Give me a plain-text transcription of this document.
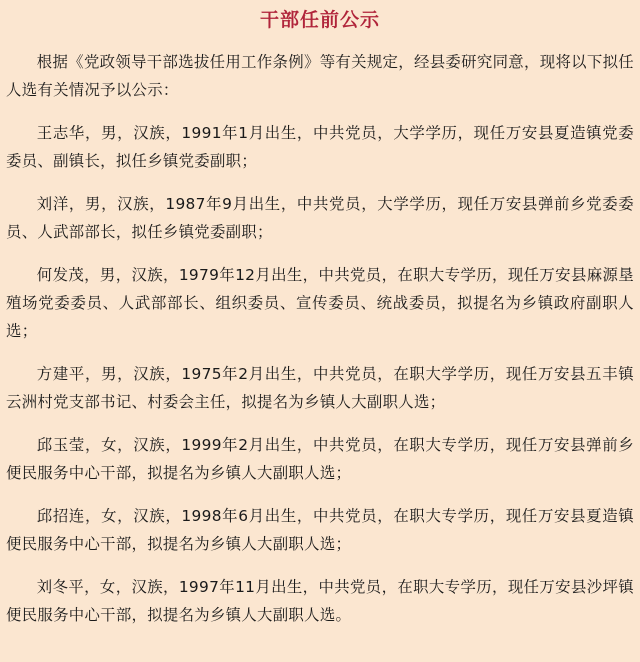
干部任前公示

根据《党政领导干部选拔任用工作条例》等有关规定，经县委研究同意，现将以下拟任人选有关情况予以公示：

王志华，男，汉族，1991年1月出生，中共党员，大学学历，现任万安县夏造镇党委委员、副镇长，拟任乡镇党委副职；

刘洋，男，汉族，1987年9月出生，中共党员，大学学历，现任万安县弹前乡党委委员、人武部部长，拟任乡镇党委副职；

何发茂，男，汉族，1979年12月出生，中共党员，在职大专学历，现任万安县麻源垦殖场党委委员、人武部部长、组织委员、宣传委员、统战委员，拟提名为乡镇政府副职人选；

方建平，男，汉族，1975年2月出生，中共党员，在职大学学历，现任万安县五丰镇云洲村党支部书记、村委会主任，拟提名为乡镇人大副职人选；

邱玉莹，女，汉族，1999年2月出生，中共党员，在职大专学历，现任万安县弹前乡便民服务中心干部，拟提名为乡镇人大副职人选；

邱招连，女，汉族，1998年6月出生，中共党员，在职大专学历，现任万安县夏造镇便民服务中心干部，拟提名为乡镇人大副职人选；

刘冬平，女，汉族，1997年11月出生，中共党员，在职大专学历，现任万安县沙坪镇便民服务中心干部，拟提名为乡镇人大副职人选。
